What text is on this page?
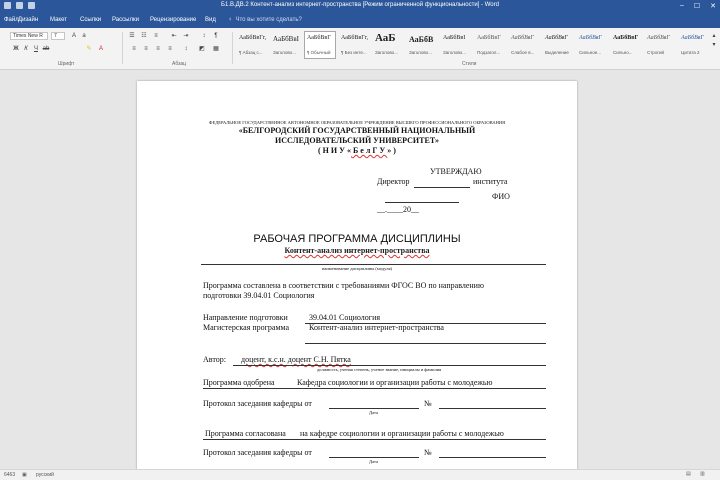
Б1.В.ДВ.2 Контент-анализ интернет-пространства [Режим ограниченной функциональности] - Word	– ☐ ✕
Файл Дизайн Макет Ссылки Рассылки Рецензирование Вид ♀ Что вы хотите сделать?
Times New R	7	A	a
Ж К	Ч ab	✎	A
Шрифт
☰ ☷	≡	⇤ ⇥	↕	¶
≡	≡	≡	≡	↕	◩ ▦
Абзац
АаБбВвГг,
¶ Абзац с...
АаБбВвІ
Заголово...
АаБбВвГ
¶ Обычный
АаБбВвГг,
¶ Без инте...
АаБ
Заголово...
АаБбВ
Заголово...
АаБбВвІ
Заголово...
АаБбВвГ
Подзагол...
АаБбВвГ
Слабое в...
АаБбВвГ
Выделение
АаБбВвГ
Сильное...
АаБбВвГ
Сильно...
АаБбВвГ
Строгий
АаБбВвГ
Цитата 2
▴
▾
Стили
ФЕДЕРАЛЬНОЕ ГОСУДАРСТВЕННОЕ АВТОНОМНОЕ ОБРАЗОВАТЕЛЬНОЕ УЧРЕЖДЕНИЕ ВЫСШЕГО ПРОФЕССИОНАЛЬНОГО ОБРАЗОВАНИЯ
«БЕЛГОРОДСКИЙ ГОСУДАРСТВЕННЫЙ НАЦИОНАЛЬНЫЙ
ИССЛЕДОВАТЕЛЬСКИЙ УНИВЕРСИТЕТ»
( Н И У « Б е л Г У » )
УТВЕРЖДАЮ
Директор	института
ФИО
__.____20__
РАБОЧАЯ ПРОГРАММА ДИСЦИПЛИНЫ
Контент-анализ интернет-пространства
наименование дисциплины (модуля)
Программа составлена в соответствии с требованиями ФГОС ВО по направлению
подготовки 39.04.01 Социология
Направление подготовки	39.04.01 Социология
Магистерская программа Контент-анализ интернет-пространства
Автор: доцент, к.с.н. доцент С.Н. Пятка
должность, ученая степень, ученое звание, инициалы и фамилия
Программа одобрена	Кафедра социологии и организации работы с молодежью
Протокол заседания кафедры от	№
Дата
Программа согласована на кафедре социологии и организации работы с молодежью
Протокол заседания кафедры от	№
Дата
6463 ▣ русский	▤ ▥
